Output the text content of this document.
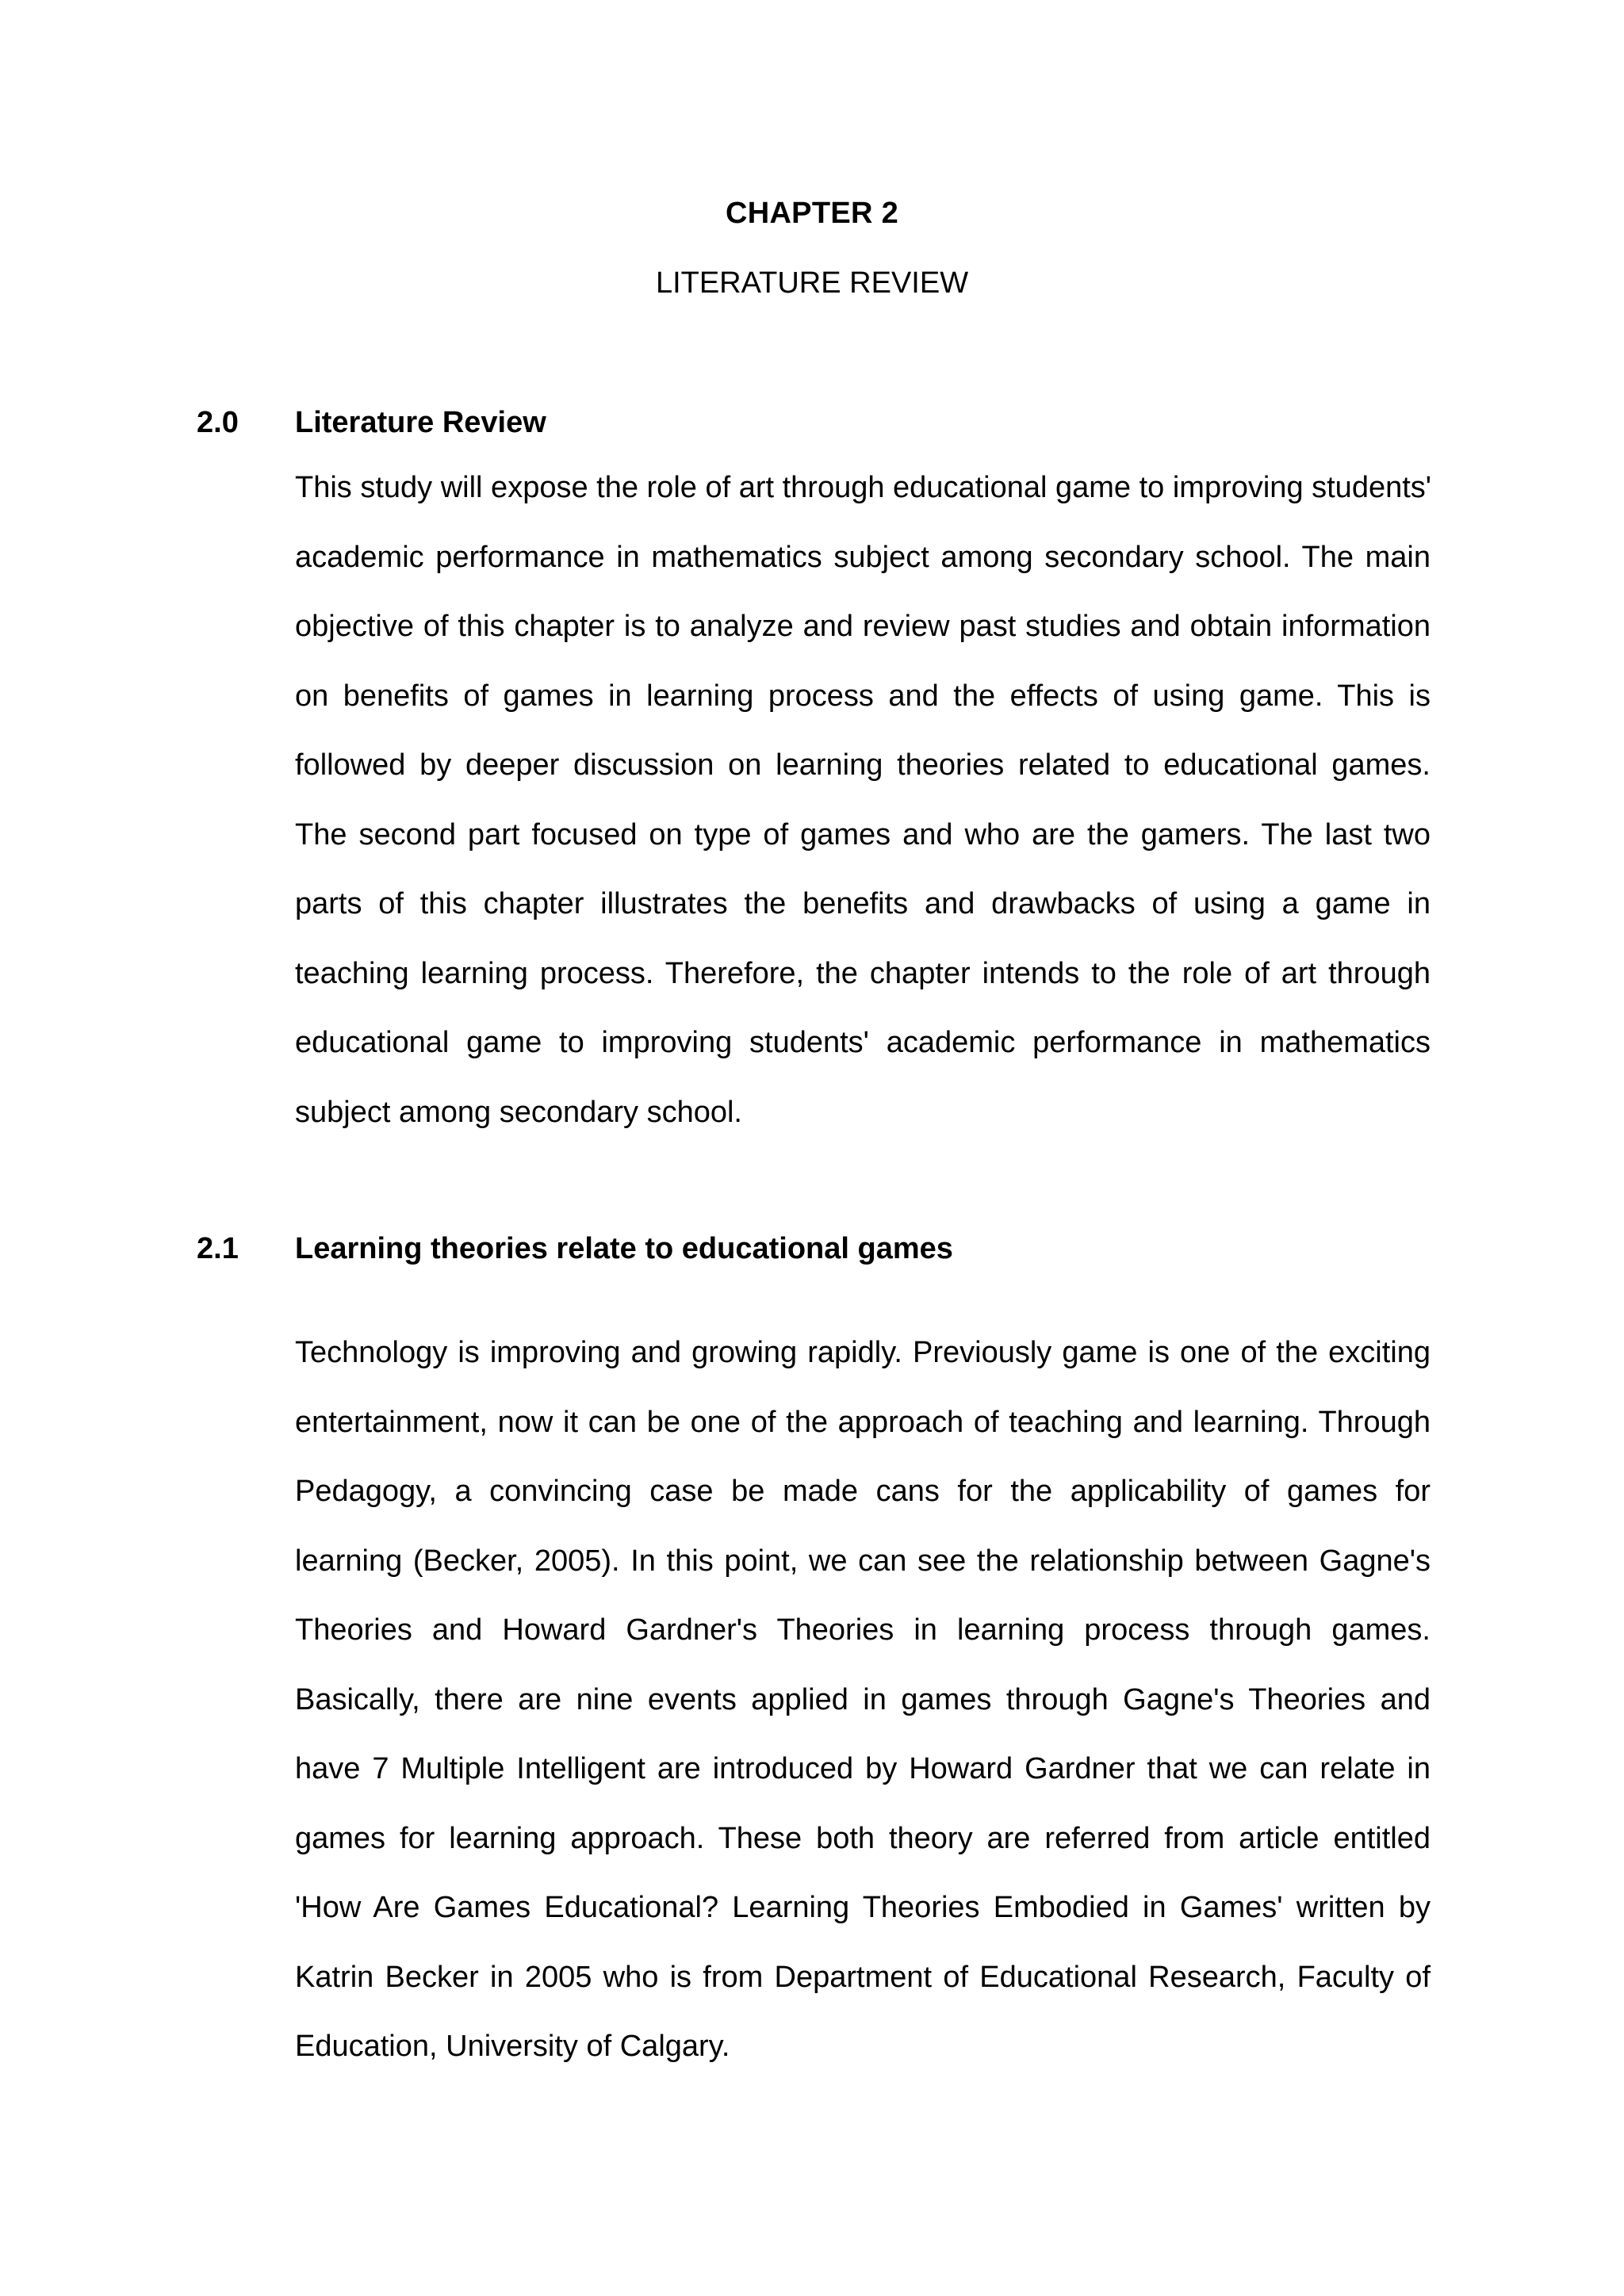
CHAPTER 2
LITERATURE REVIEW
2.0 Literature Review
This study will expose the role of art through educational game to improving students'
academic performance in mathematics subject among secondary school. The main
objective of this chapter is to analyze and review past studies and obtain information
on benefits of games in learning process and the effects of using game. This is
followed by deeper discussion on learning theories related to educational games.
The second part focused on type of games and who are the gamers. The last two
parts of this chapter illustrates the benefits and drawbacks of using a game in
teaching learning process. Therefore, the chapter intends to the role of art through
educational game to improving students' academic performance in mathematics
subject among secondary school.
2.1 Learning theories relate to educational games
Technology is improving and growing rapidly. Previously game is one of the exciting
entertainment, now it can be one of the approach of teaching and learning. Through
Pedagogy, a convincing case be made cans for the applicability of games for
learning (Becker, 2005). In this point, we can see the relationship between Gagne's
Theories and Howard Gardner's Theories in learning process through games.
Basically, there are nine events applied in games through Gagne's Theories and
have 7 Multiple Intelligent are introduced by Howard Gardner that we can relate in
games for learning approach. These both theory are referred from article entitled
'How Are Games Educational? Learning Theories Embodied in Games' written by
Katrin Becker in 2005 who is from Department of Educational Research, Faculty of
Education, University of Calgary.
